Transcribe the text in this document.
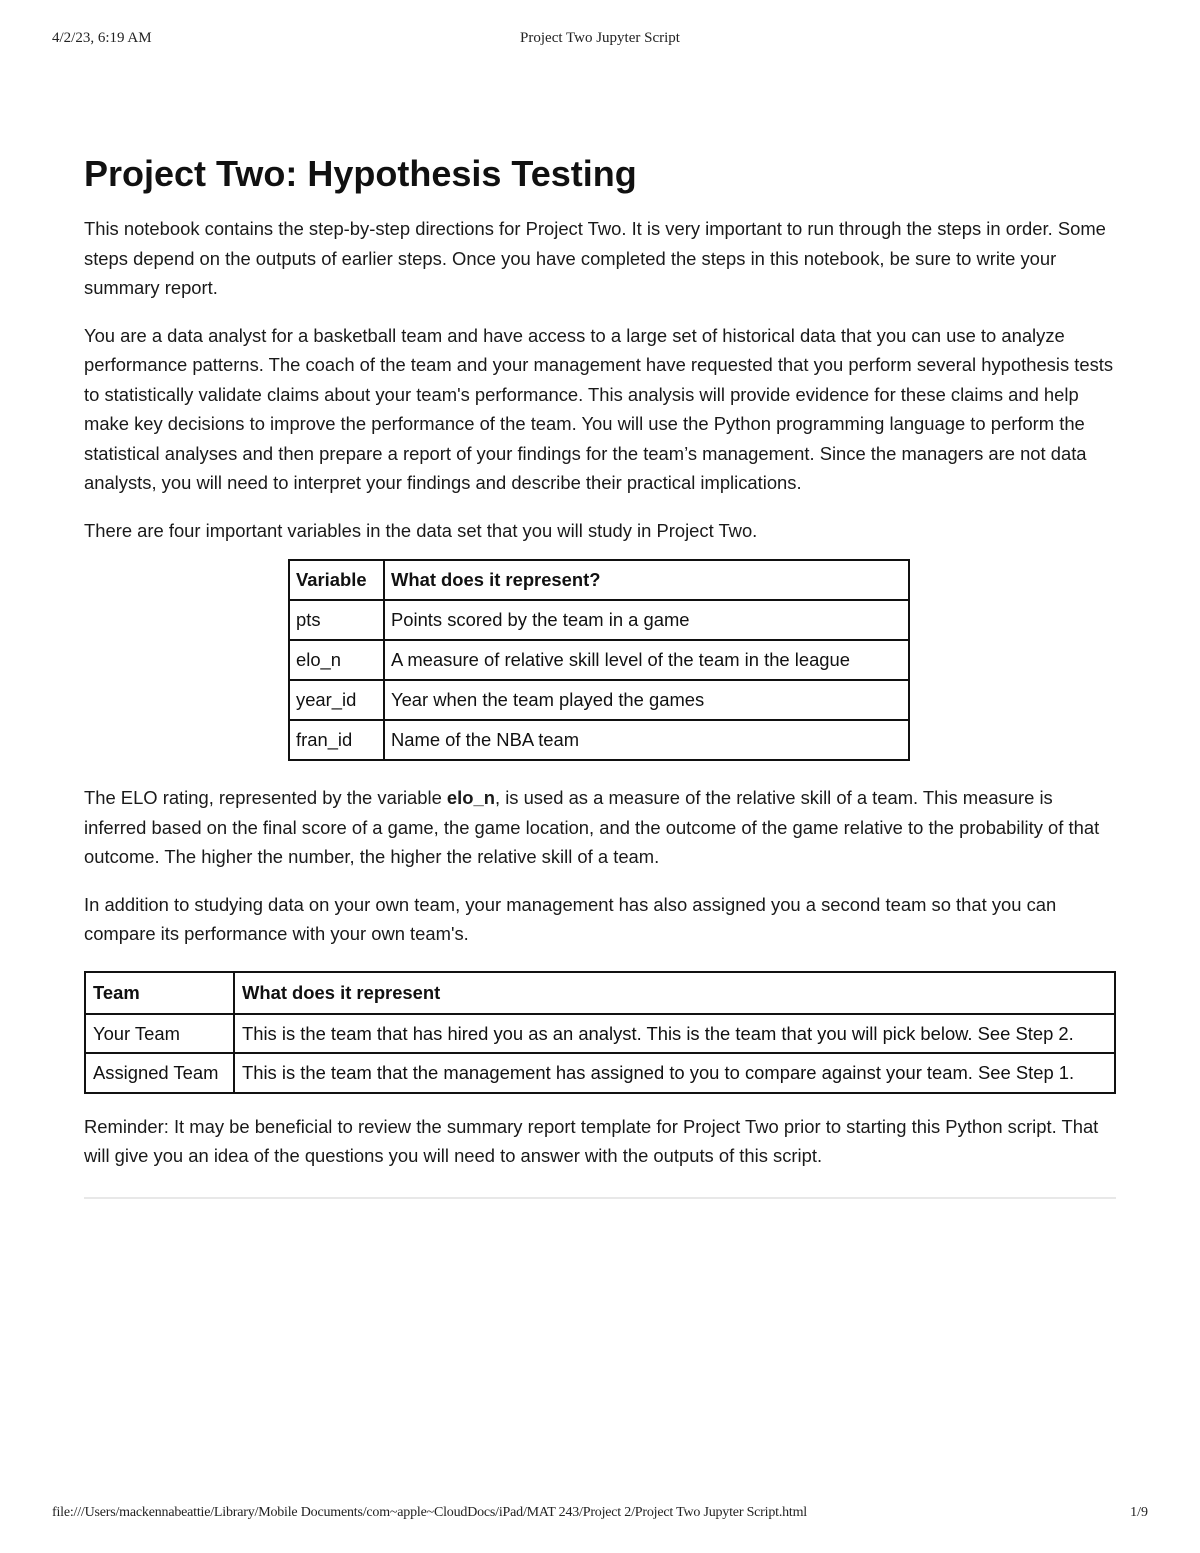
4/2/23, 6:19 AM	Project Two Jupyter Script
Project Two: Hypothesis Testing

This notebook contains the step-by-step directions for Project Two. It is very important to run through the steps in order. Some steps depend on the outputs of earlier steps. Once you have completed the steps in this notebook, be sure to write your summary report.

You are a data analyst for a basketball team and have access to a large set of historical data that you can use to analyze performance patterns. The coach of the team and your management have requested that you perform several hypothesis tests to statistically validate claims about your team's performance. This analysis will provide evidence for these claims and help make key decisions to improve the performance of the team. You will use the Python programming language to perform the statistical analyses and then prepare a report of your findings for the team’s management. Since the managers are not data analysts, you will need to interpret your findings and describe their practical implications.

There are four important variables in the data set that you will study in Project Two.

Variable	What does it represent?
pts	Points scored by the team in a game
elo_n	A measure of relative skill level of the team in the league
year_id	Year when the team played the games
fran_id	Name of the NBA team

The ELO rating, represented by the variable elo_n, is used as a measure of the relative skill of a team. This measure is inferred based on the final score of a game, the game location, and the outcome of the game relative to the probability of that outcome. The higher the number, the higher the relative skill of a team.

In addition to studying data on your own team, your management has also assigned you a second team so that you can compare its performance with your own team's.

Team	What does it represent
Your Team	This is the team that has hired you as an analyst. This is the team that you will pick below. See Step 2.
Assigned Team	This is the team that the management has assigned to you to compare against your team. See Step 1.

Reminder: It may be beneficial to review the summary report template for Project Two prior to starting this Python script. That will give you an idea of the questions you will need to answer with the outputs of this script.

file:///Users/mackennabeattie/Library/Mobile Documents/com~apple~CloudDocs/iPad/MAT 243/Project 2/Project Two Jupyter Script.html	1/9
